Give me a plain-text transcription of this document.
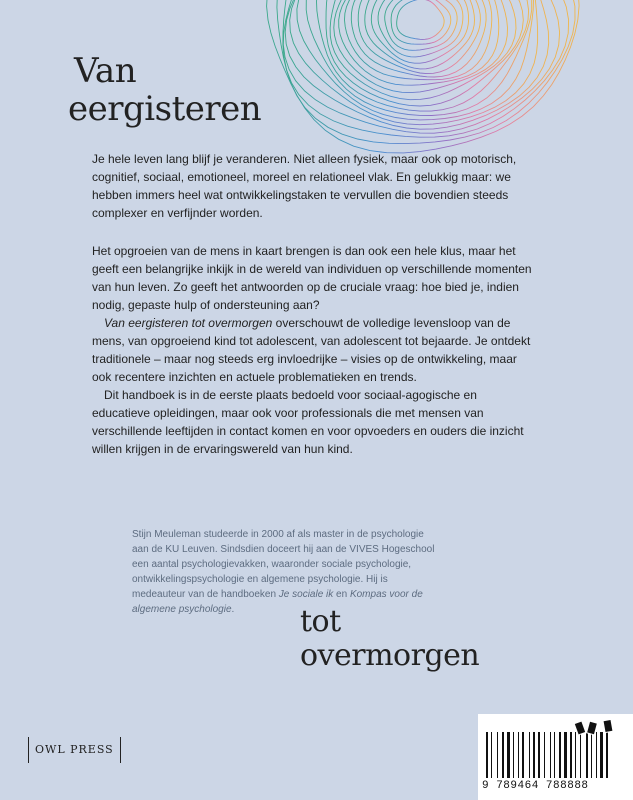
Van
eergisteren

Je hele leven lang blijf je veranderen. Niet alleen fysiek, maar ook op motorisch, cognitief, sociaal, emotioneel, moreel en relationeel vlak. En gelukkig maar: we hebben immers heel wat ontwikkelingstaken te vervullen die bovendien steeds complexer en verfijnder worden.

Het opgroeien van de mens in kaart brengen is dan ook een hele klus, maar het geeft een belangrijke inkijk in de wereld van individuen op verschillende momenten van hun leven. Zo geeft het antwoorden op de cruciale vraag: hoe bied je, indien nodig, gepaste hulp of ondersteuning aan?

Van eergisteren tot overmorgen overschouwt de volledige levensloop van de mens, van opgroeiend kind tot adolescent, van adolescent tot bejaarde. Je ontdekt traditionele – maar nog steeds erg invloedrijke – visies op de ontwikkeling, maar ook recentere inzichten en actuele problematieken en trends.

Dit handboek is in de eerste plaats bedoeld voor sociaal-agogische en educatieve opleidingen, maar ook voor professionals die met mensen van verschillende leeftijden in contact komen en voor opvoeders en ouders die inzicht willen krijgen in de ervaringswereld van hun kind.

Stijn Meuleman studeerde in 2000 af als master in de psychologie aan de KU Leuven. Sindsdien doceert hij aan de VIVES Hogeschool een aantal psychologievakken, waaronder sociale psychologie, ontwikkelingspsychologie en algemene psychologie. Hij is medeauteur van de handboeken Je sociale ik en Kompas voor de algemene psychologie.	tot
overmorgen
OWL PRESS
9 789464 788888
